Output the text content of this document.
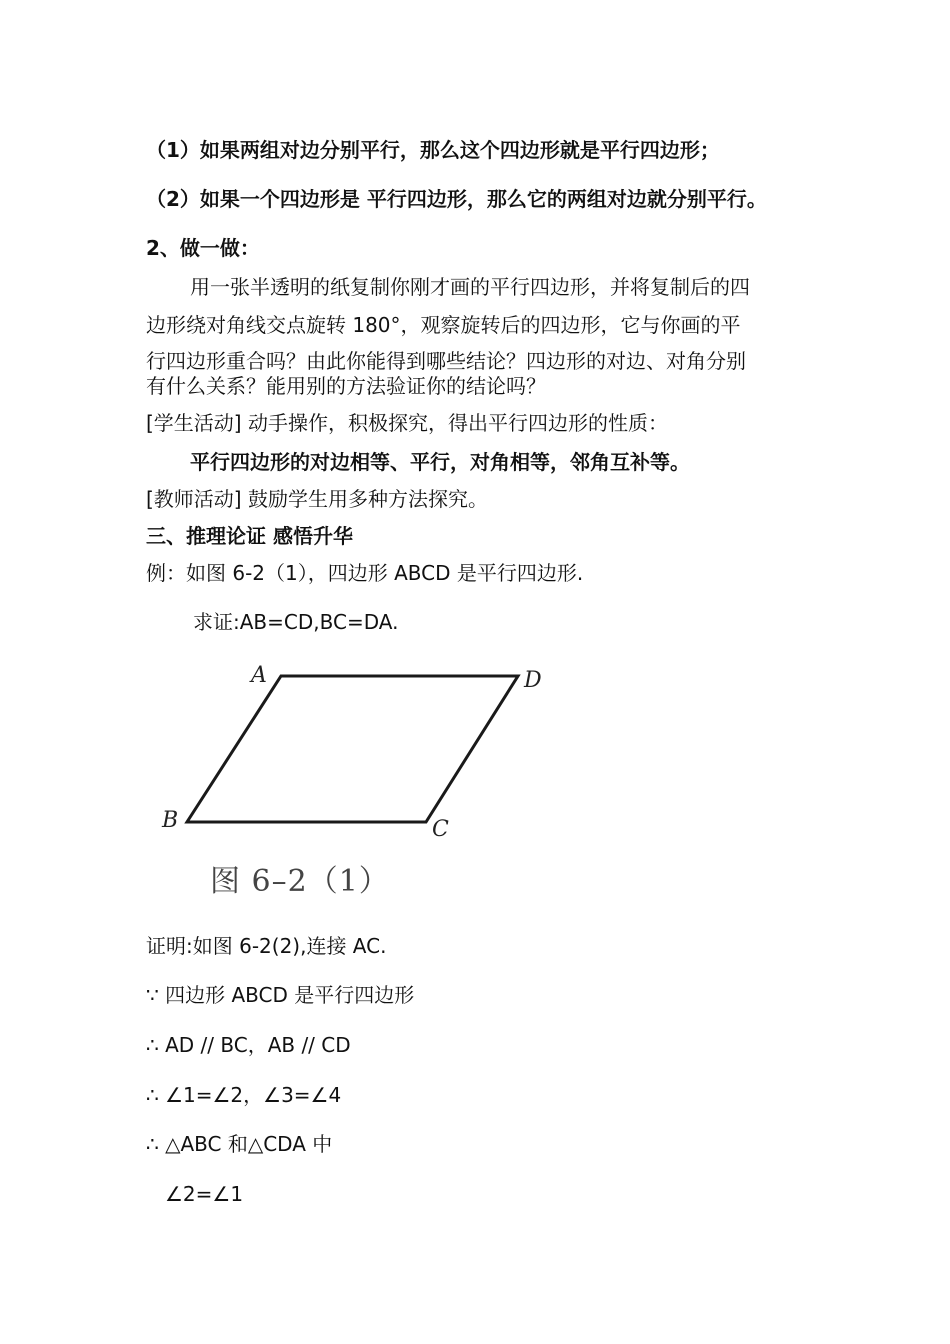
（1）如果两组对边分别平行，那么这个四边形就是平行四边形；
（2）如果一个四边形是 平行四边形，那么它的两组对边就分别平行。
2、做一做：
用一张半透明的纸复制你刚才画的平行四边形，并将复制后的四
边形绕对角线交点旋转 180°，观察旋转后的四边形，它与你画的平
行四边形重合吗？由此你能得到哪些结论？四边形的对边、对角分别
有什么关系？能用别的方法验证你的结论吗？
[学生活动] 动手操作，积极探究，得出平行四边形的性质：
平行四边形的对边相等、平行，对角相等，邻角互补等。
[教师活动] 鼓励学生用多种方法探究。
三、推理论证 感悟升华
例：如图 6-2（1），四边形 ABCD 是平行四边形.
求证:AB=CD,BC=DA.
A	D
B	C
图 6–2（1）
证明:如图 6-2(2),连接 AC.
∵ 四边形 ABCD 是平行四边形
∴ AD // BC，AB // CD
∴ ∠1=∠2，∠3=∠4
∴ △ABC 和△CDA 中
∠2=∠1
